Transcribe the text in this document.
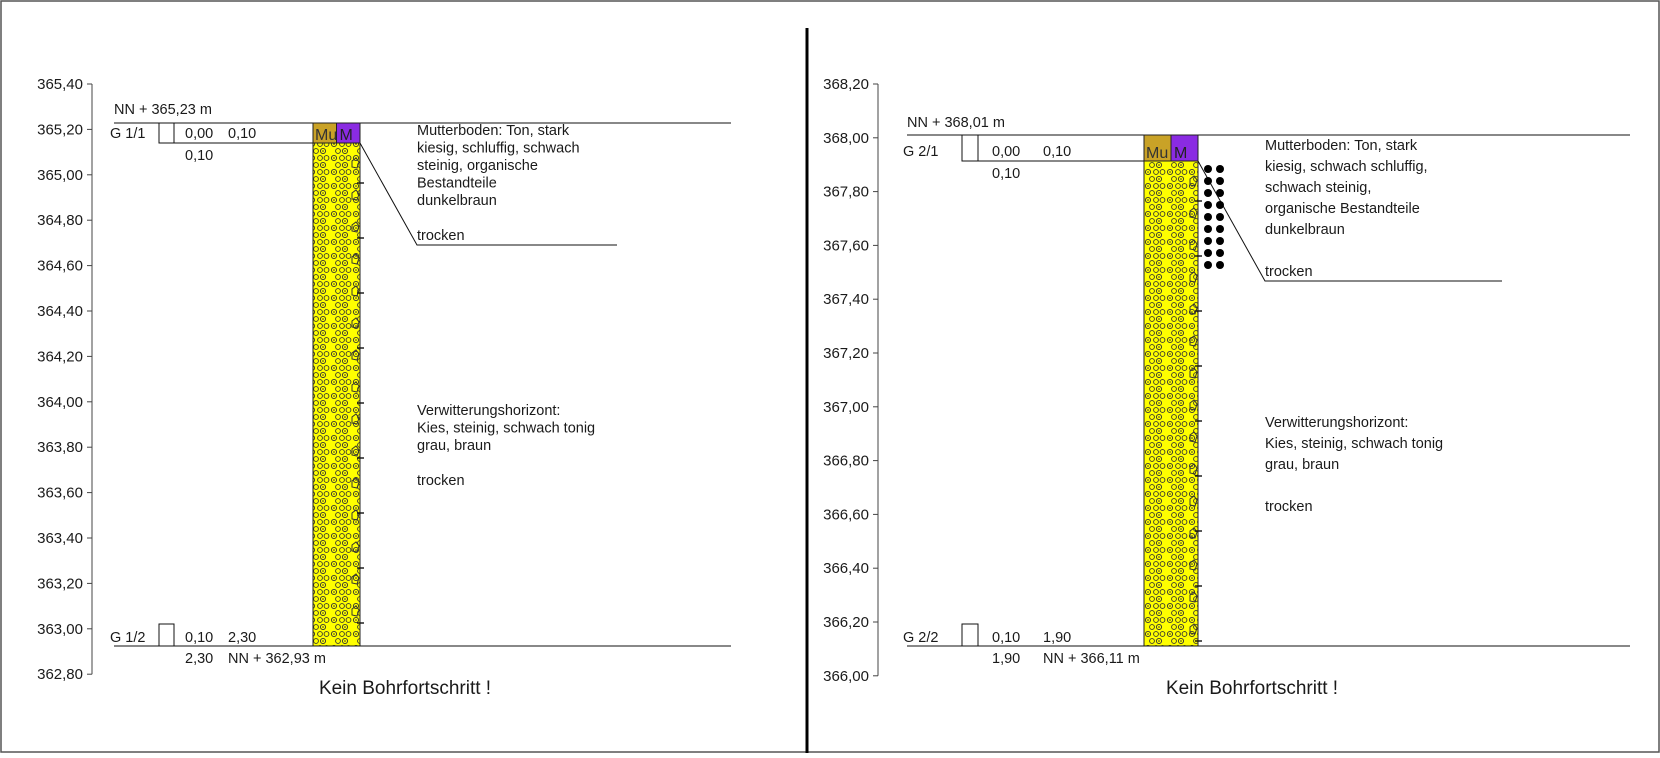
365,40
365,20
365,00
364,80
364,60
364,40
364,20
364,00
363,80
363,60
363,40
363,20
363,00
362,80
NN + 365,23 m
Mu M
G 1/1	0,00 0,10
0,10
Mutterboden: Ton, stark
kiesig, schluffig, schwach
steinig, organische
Bestandteile
dunkelbraun
trocken
Verwitterungshorizont:
Kies, steinig, schwach tonig
grau, braun
trocken
G 1/2	0,10 2,30
2,30 NN + 362,93 m
Kein Bohrfortschritt !
368,20
368,00
367,80
367,60
367,40
367,20
367,00
366,80
366,60
366,40
366,20
366,00
NN + 368,01 m
Mu M
G 2/1	0,00 0,10
0,10
Mutterboden: Ton, stark
kiesig, schwach schluffig,
schwach steinig,
organische Bestandteile
dunkelbraun
trocken
Verwitterungshorizont:
Kies, steinig, schwach tonig
grau, braun
trocken
G 2/2	0,10 1,90
1,90 NN + 366,11 m
Kein Bohrfortschritt !
